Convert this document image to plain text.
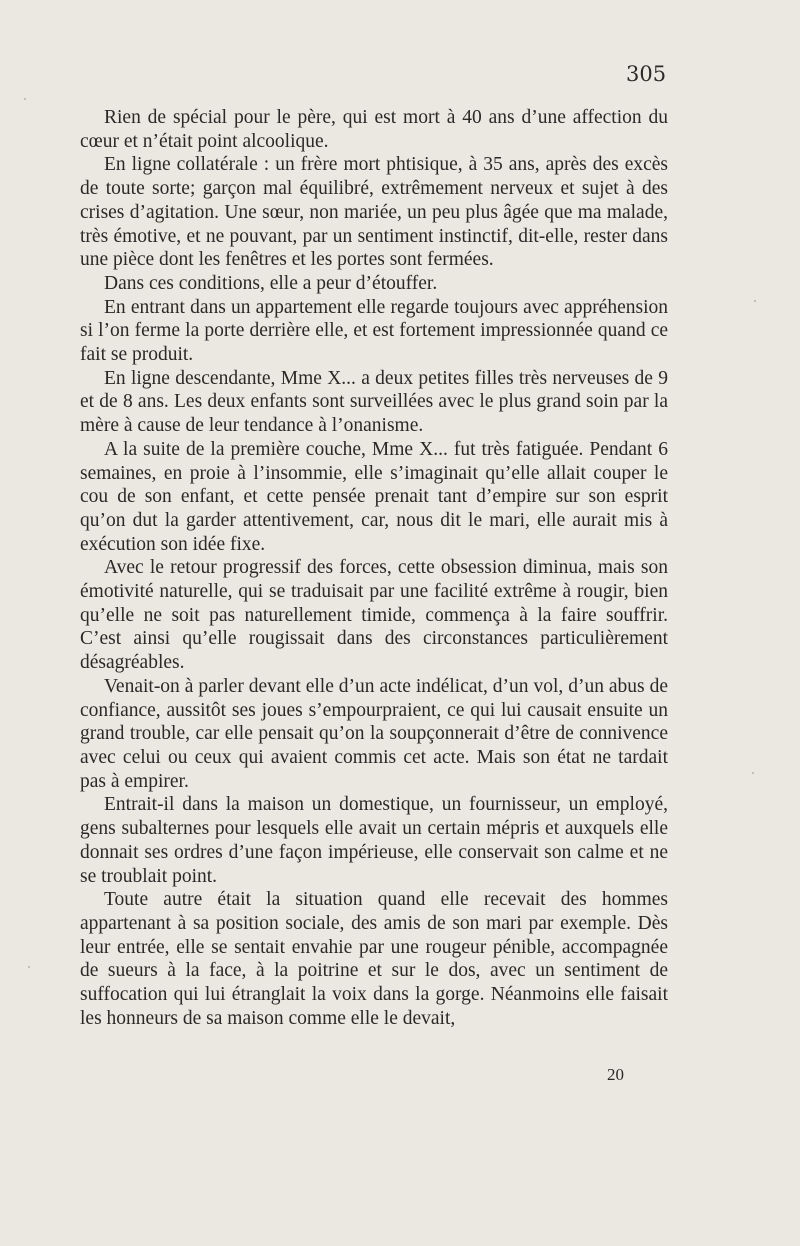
305

Rien de spécial pour le père, qui est mort à 40 ans d’une affection du cœur et n’était point alcoolique.

En ligne collatérale : un frère mort phtisique, à 35 ans, après des excès de toute sorte; garçon mal équilibré, extrêmement nerveux et sujet à des crises d’agitation. Une sœur, non mariée, un peu plus âgée que ma malade, très émotive, et ne pouvant, par un sentiment instinctif, dit-elle, rester dans une pièce dont les fenêtres et les portes sont fermées.

Dans ces conditions, elle a peur d’étouffer.

En entrant dans un appartement elle regarde toujours avec appréhension si l’on ferme la porte derrière elle, et est fortement impressionnée quand ce fait se produit.

En ligne descendante, Mme X... a deux petites filles très nerveuses de 9 et de 8 ans. Les deux enfants sont surveillées avec le plus grand soin par la mère à cause de leur tendance à l’onanisme.

A la suite de la première couche, Mme X... fut très fatiguée. Pendant 6 semaines, en proie à l’insommie, elle s’imaginait qu’elle allait couper le cou de son enfant, et cette pensée prenait tant d’empire sur son esprit qu’on dut la garder attentivement, car, nous dit le mari, elle aurait mis à exécution son idée fixe.

Avec le retour progressif des forces, cette obsession diminua, mais son émotivité naturelle, qui se traduisait par une facilité extrême à rougir, bien qu’elle ne soit pas naturellement timide, commença à la faire souffrir. C’est ainsi qu’elle rougissait dans des circonstances particulièrement désagréables.

Venait-on à parler devant elle d’un acte indélicat, d’un vol, d’un abus de confiance, aussitôt ses joues s’empourpraient, ce qui lui causait ensuite un grand trouble, car elle pensait qu’on la soupçonnerait d’être de connivence avec celui ou ceux qui avaient commis cet acte. Mais son état ne tardait pas à empirer.

Entrait-il dans la maison un domestique, un fournisseur, un employé, gens subalternes pour lesquels elle avait un certain mépris et auxquels elle donnait ses ordres d’une façon impérieuse, elle conservait son calme et ne se troublait point.

Toute autre était la situation quand elle recevait des hommes appartenant à sa position sociale, des amis de son mari par exemple. Dès leur entrée, elle se sentait envahie par une rougeur pénible, accompagnée de sueurs à la face, à la poitrine et sur le dos, avec un sentiment de suffocation qui lui étranglait la voix dans la gorge. Néanmoins elle faisait les honneurs de sa maison comme elle le devait,

20
